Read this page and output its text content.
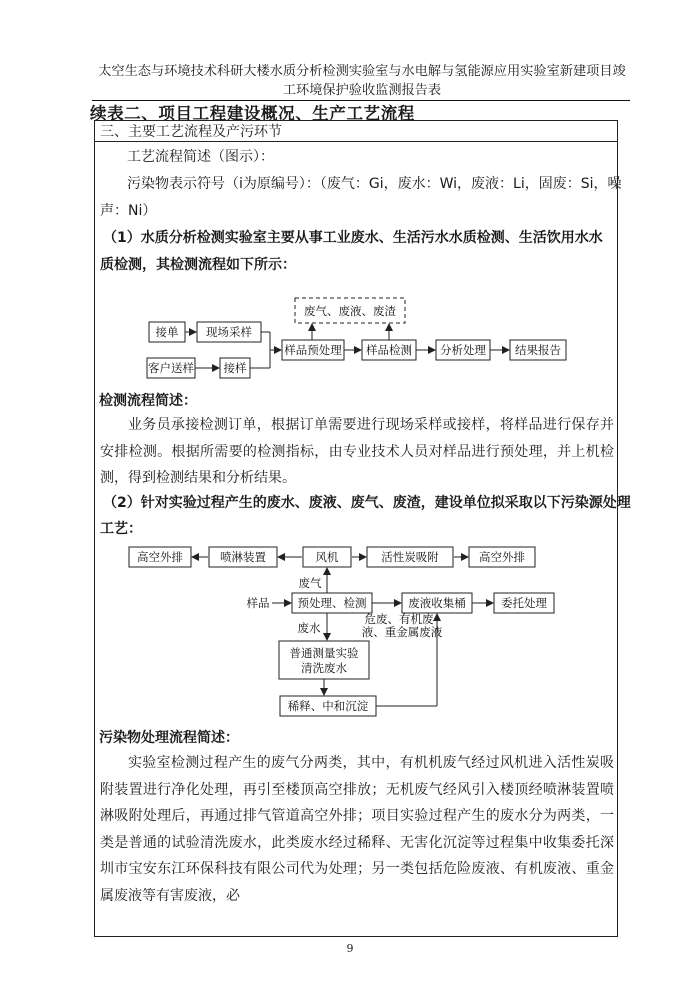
太空生态与环境技术科研大楼水质分析检测实验室与水电解与氢能源应用实验室新建项目竣工环境保护验收监测报告表
续表二、项目工程建设概况、生产工艺流程
三、主要工艺流程及产污环节
工艺流程简述（图示）：
污染物表示符号（i为原编号）：（废气：Gi，废水：Wi，废液：Li，固废：Si，噪
声：Ni）
（1）水质分析检测实验室主要从事工业废水、生活污水水质检测、生活饮用水水
质检测，其检测流程如下所示：
废气、废液、废渣
接单 现场采样
客户送样	接样
样品预处理 样品检测 分析处理	结果报告
检测流程简述：
业务员承接检测订单，根据订单需要进行现场采样或接样，将样品进行保存并安排检测。根据所需要的检测指标，由专业技术人员对样品进行预处理，并上机检测，得到检测结果和分析结果。
（2）针对实验过程产生的废水、废液、废气、废渣，建设单位拟采取以下污染源处理
工艺：
高空外排	喷淋装置	风机	活性炭吸附	高空外排
废气
样品 预处理、检测	废液收集桶	委托处理
废水
危废、有机废
液、重金属废液
普通测量实验
清洗废水
稀释、中和沉淀
污染物处理流程简述：
实验室检测过程产生的废气分两类，其中，有机机废气经过风机进入活性炭吸附装置进行净化处理，再引至楼顶高空排放；无机废气经风引入楼顶经喷淋装置喷淋吸附处理后，再通过排气管道高空外排；项目实验过程产生的废水分为两类，一类是普通的试验清洗废水，此类废水经过稀释、无害化沉淀等过程集中收集委托深圳市宝安东江环保科技有限公司代为处理；另一类包括危险废液、有机废液、重金属废液等有害废液，必
9
